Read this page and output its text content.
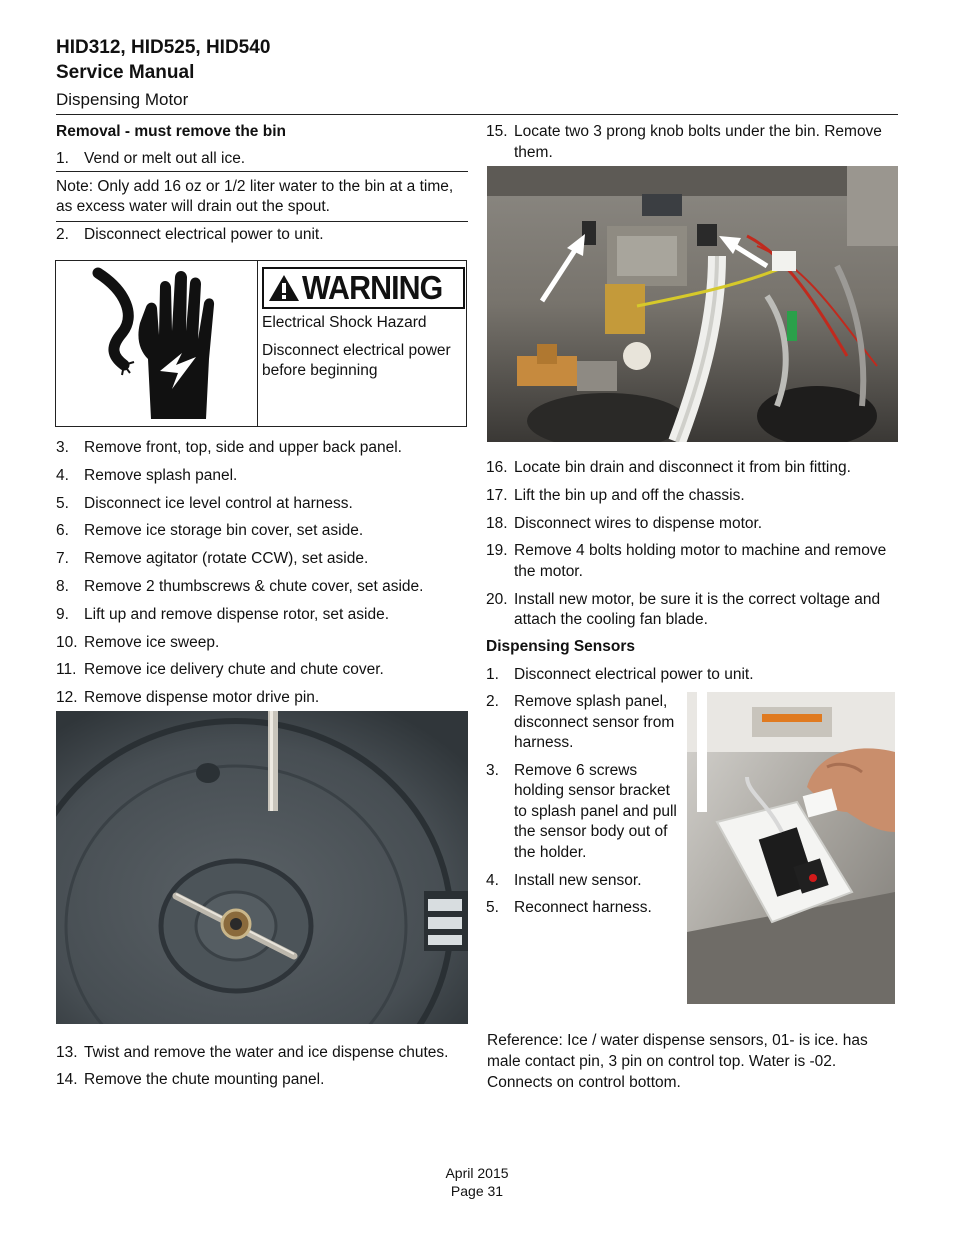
HID312, HID525, HID540
Service Manual
Dispensing Motor
Removal - must remove the bin
1. Vend or melt out all ice.
Note: Only add 16 oz or 1/2 liter water to the bin at a time, as excess water will drain out the spout.
2. Disconnect electrical power to unit.
WARNING
Electrical Shock Hazard
Disconnect electrical power before beginning
3. Remove front, top, side and upper back panel.
4. Remove splash panel.
5. Disconnect ice level control at harness.
6. Remove ice storage bin cover, set aside.
7. Remove agitator (rotate CCW), set aside.
8. Remove 2 thumbscrews & chute cover, set aside.
9. Lift up and remove dispense rotor, set aside.
10. Remove ice sweep.
11. Remove ice delivery chute and chute cover.
12. Remove dispense motor drive pin.
13. Twist and remove the water and ice dispense chutes.
14. Remove the chute mounting panel.
15. Locate two 3 prong knob bolts under the bin. Remove them.
16. Locate bin drain and disconnect it from bin fitting.
17. Lift the bin up and off the chassis.
18. Disconnect wires to dispense motor.
19. Remove 4 bolts holding motor to machine and remove the motor.
20. Install new motor, be sure it is the correct voltage and attach the cooling fan blade.
Dispensing Sensors
1. Disconnect electrical power to unit.
2. Remove splash panel, disconnect sensor from harness.
3. Remove 6 screws holding sensor bracket to splash panel and pull the sensor body out of the holder.
4. Install new sensor.
5. Reconnect harness.
Reference: Ice / water dispense sensors, 01- is ice. has male contact pin, 3 pin on control top. Water is -02. Connects on control bottom.
April 2015
Page 31
